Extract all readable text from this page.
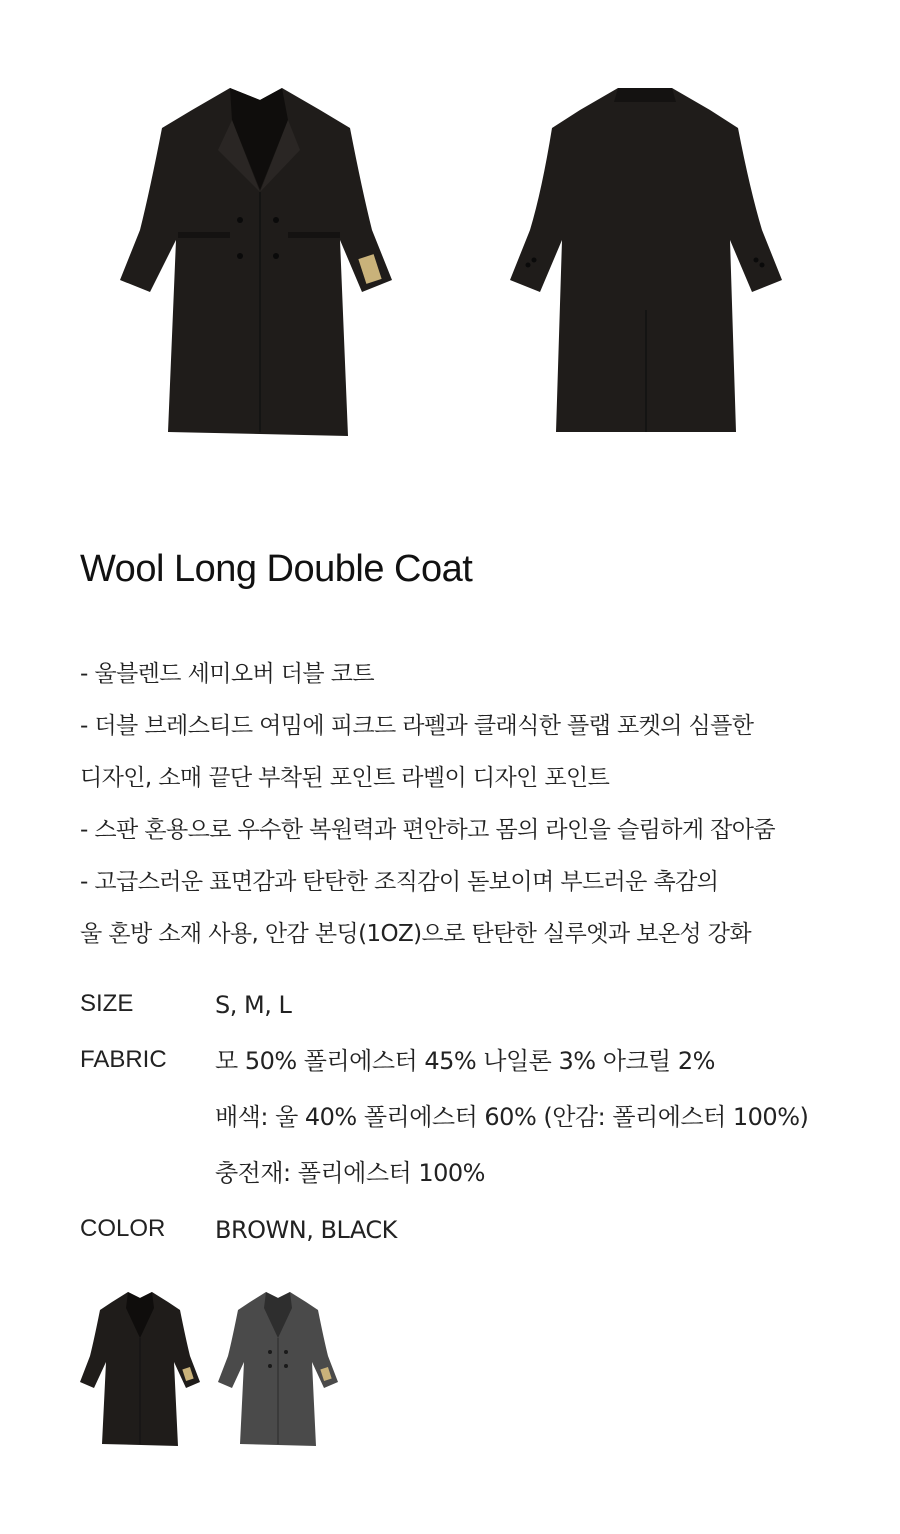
Wool Long Double Coat
- 울블렌드 세미오버 더블 코트
- 더블 브레스티드 여밈에 피크드 라펠과 클래식한 플랩 포켓의 심플한
디자인, 소매 끝단 부착된 포인트 라벨이 디자인 포인트
- 스판 혼용으로 우수한 복원력과 편안하고 몸의 라인을 슬림하게 잡아줌
- 고급스러운 표면감과 탄탄한 조직감이 돋보이며 부드러운 촉감의
울 혼방 소재 사용, 안감 본딩(1OZ)으로 탄탄한 실루엣과 보온성 강화
SIZE	S, M, L
FABRIC 모 50% 폴리에스터 45% 나일론 3% 아크릴 2%
배색: 울 40% 폴리에스터 60% (안감: 폴리에스터 100%)
충전재: 폴리에스터 100%
COLOR BROWN, BLACK
